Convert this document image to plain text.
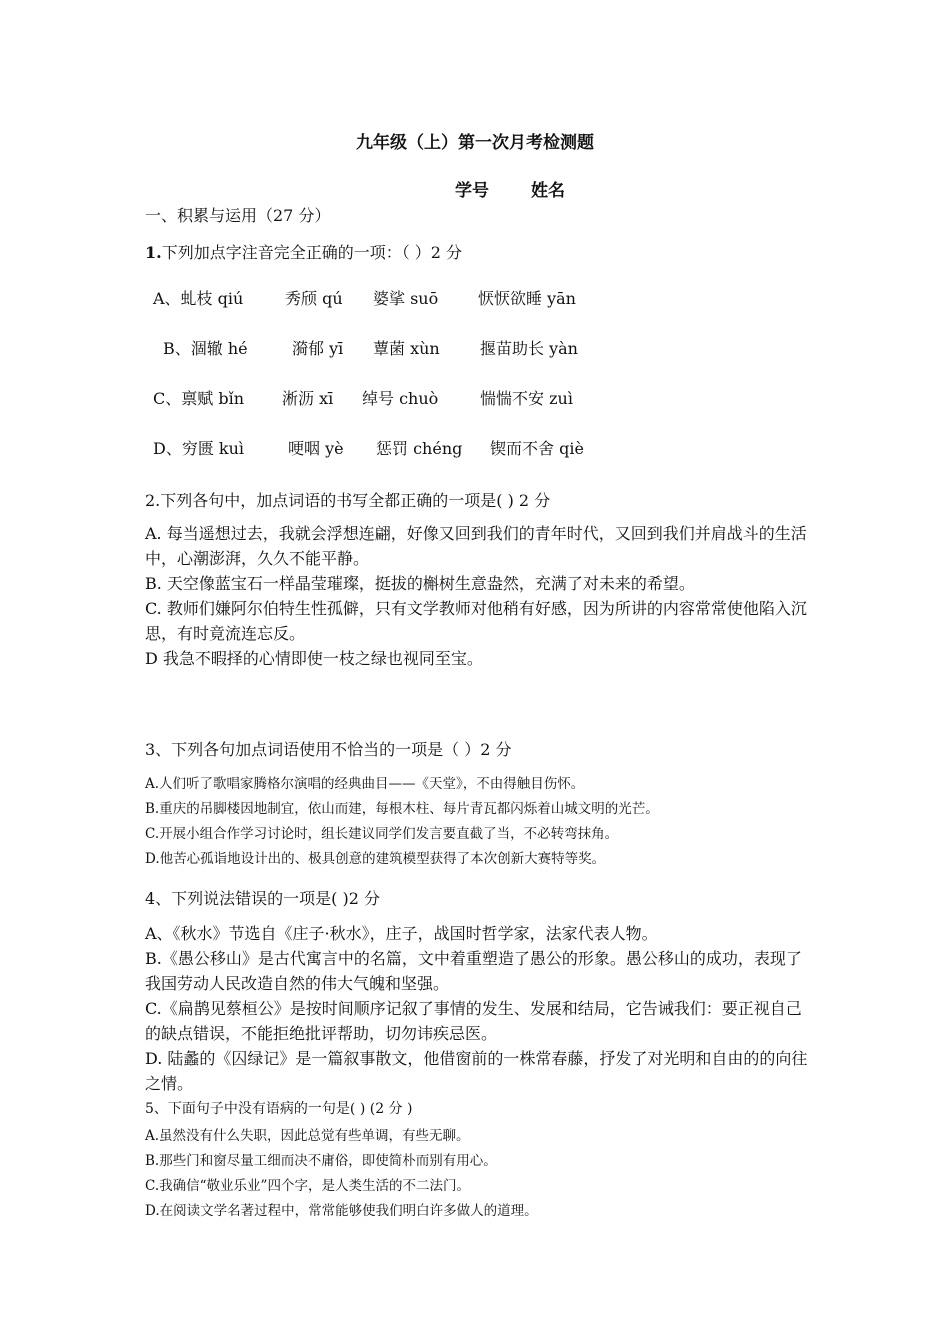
九年级（上）第一次月考检测题
学号 姓名
一、积累与运用（27 分）
1.下列加点字注音完全正确的一项：（ ）2 分
A、虬枝 qiú	秀颀 qú 婆挲 suō 恹恹欲睡 yān
B、涸辙 hé	漪郁 yī 蕈菌 xùn	揠苗助长 yàn
C、禀赋 bǐn 淅沥 xī 绰号 chuò	惴惴不安 zuì
D、穷匮 kuì	哽咽 yè 惩罚 chéng 锲而不舍 qiè
2.下列各句中，加点词语的书写全都正确的一项是( ) 2 分
A. 每当遥想过去，我就会浮想连翩，好像又回到我们的青年时代，又回到我们并肩战斗的生活中，心潮澎湃，久久不能平静。
B. 天空像蓝宝石一样晶莹璀璨，挺拔的槲树生意盎然，充满了对未来的希望。
C. 教师们嫌阿尔伯特生性孤僻，只有文学教师对他稍有好感，因为所讲的内容常常使他陷入沉思，有时竟流连忘反。
D 我急不暇择的心情即使一枝之绿也视同至宝。
3、下列各句加点词语使用不恰当的一项是（ ）2 分
A.人们听了歌唱家腾格尔演唱的经典曲目——《天堂》，不由得触目伤怀。
B.重庆的吊脚楼因地制宜，依山而建，每根木柱、每片青瓦都闪烁着山城文明的光芒。
C.开展小组合作学习讨论时，组长建议同学们发言要直截了当，不必转弯抹角。
D.他苦心孤诣地设计出的、极具创意的建筑模型获得了本次创新大赛特等奖。
4、下列说法错误的一项是( )2 分
A、《秋水》节选自《庄子·秋水》，庄子，战国时哲学家，法家代表人物。
B.《愚公移山》是古代寓言中的名篇，文中着重塑造了愚公的形象。愚公移山的成功，表现了我国劳动人民改造自然的伟大气魄和坚强。
C.《扁鹊见蔡桓公》是按时间顺序记叙了事情的发生、发展和结局，它告诫我们：要正视自己的缺点错误，不能拒绝批评帮助，切勿讳疾忌医。
D. 陆蠡的《囚绿记》是一篇叙事散文，他借窗前的一株常春藤，抒发了对光明和自由的的向往之情。
5、下面句子中没有语病的一句是( ) (2 分 )
A.虽然没有什么失职，因此总觉有些单调，有些无聊。
B.那些门和窗尽量工细而决不庸俗，即使简朴而别有用心。
C.我确信“敬业乐业”四个字，是人类生活的不二法门。
D.在阅读文学名著过程中，常常能够使我们明白许多做人的道理。
